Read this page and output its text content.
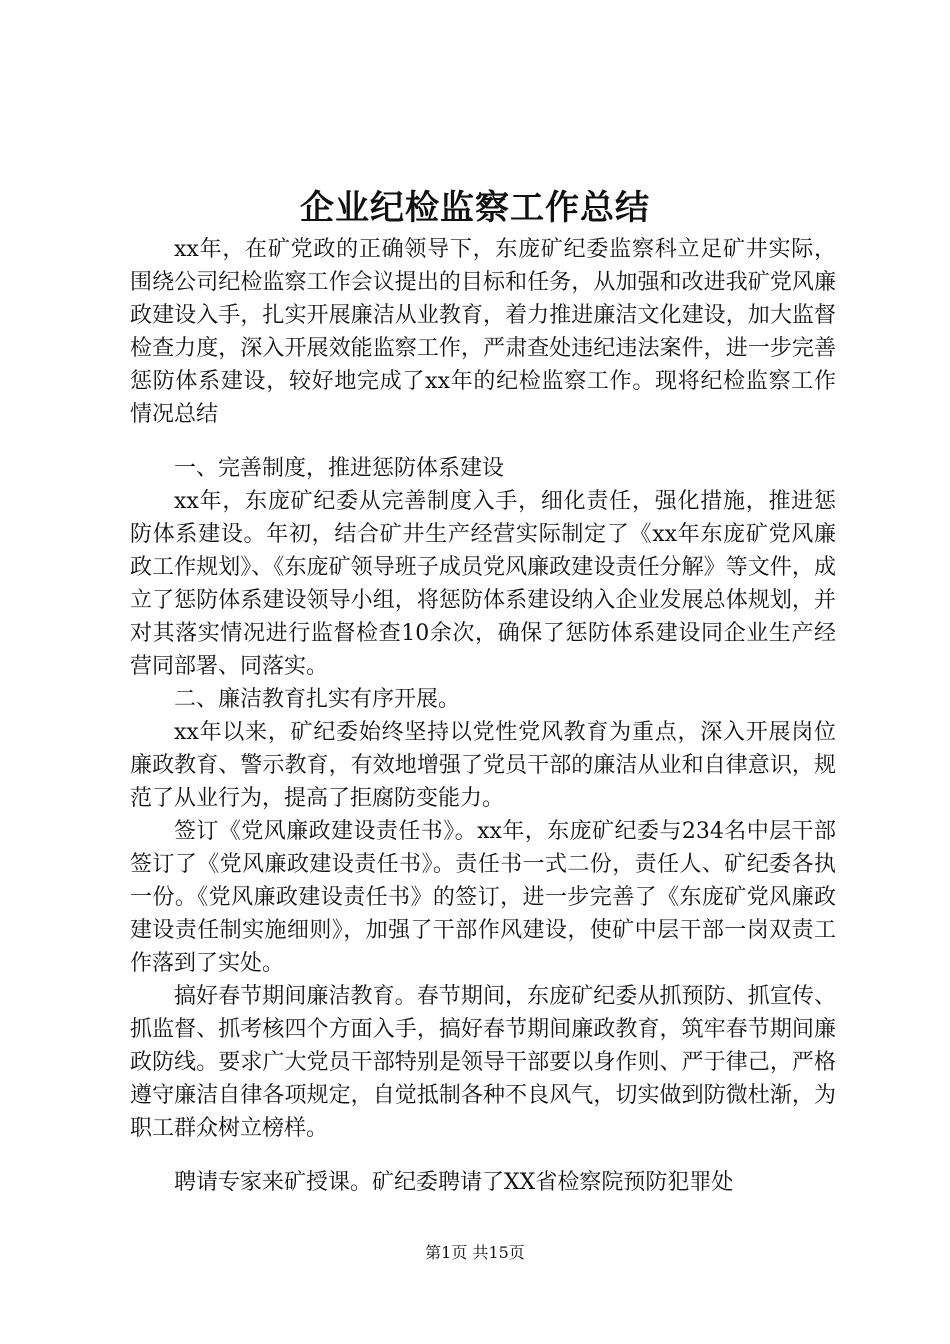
企业纪检监察工作总结

xx年，在矿党政的正确领导下，东庞矿纪委监察科立足矿井实际，围绕公司纪检监察工作会议提出的目标和任务，从加强和改进我矿党风廉政建设入手，扎实开展廉洁从业教育，着力推进廉洁文化建设，加大监督检查力度，深入开展效能监察工作，严肃查处违纪违法案件，进一步完善惩防体系建设，较好地完成了xx年的纪检监察工作。现将纪检监察工作情况总结

一、完善制度，推进惩防体系建设

xx年，东庞矿纪委从完善制度入手，细化责任，强化措施，推进惩防体系建设。年初，结合矿井生产经营实际制定了《xx年东庞矿党风廉政工作规划》、《东庞矿领导班子成员党风廉政建设责任分解》等文件，成立了惩防体系建设领导小组，将惩防体系建设纳入企业发展总体规划，并对其落实情况进行监督检查10余次，确保了惩防体系建设同企业生产经营同部署、同落实。

二、廉洁教育扎实有序开展。

xx年以来，矿纪委始终坚持以党性党风教育为重点，深入开展岗位廉政教育、警示教育，有效地增强了党员干部的廉洁从业和自律意识，规范了从业行为，提高了拒腐防变能力。

签订《党风廉政建设责任书》。xx年，东庞矿纪委与234名中层干部签订了《党风廉政建设责任书》。责任书一式二份，责任人、矿纪委各执一份。《党风廉政建设责任书》的签订，进一步完善了《东庞矿党风廉政建设责任制实施细则》，加强了干部作风建设，使矿中层干部一岗双责工作落到了实处。

搞好春节期间廉洁教育。春节期间，东庞矿纪委从抓预防、抓宣传、抓监督、抓考核四个方面入手，搞好春节期间廉政教育，筑牢春节期间廉政防线。要求广大党员干部特别是领导干部要以身作则、严于律己，严格遵守廉洁自律各项规定，自觉抵制各种不良风气，切实做到防微杜渐，为职工群众树立榜样。

聘请专家来矿授课。矿纪委聘请了XX省检察院预防犯罪处

第1页 共15页
